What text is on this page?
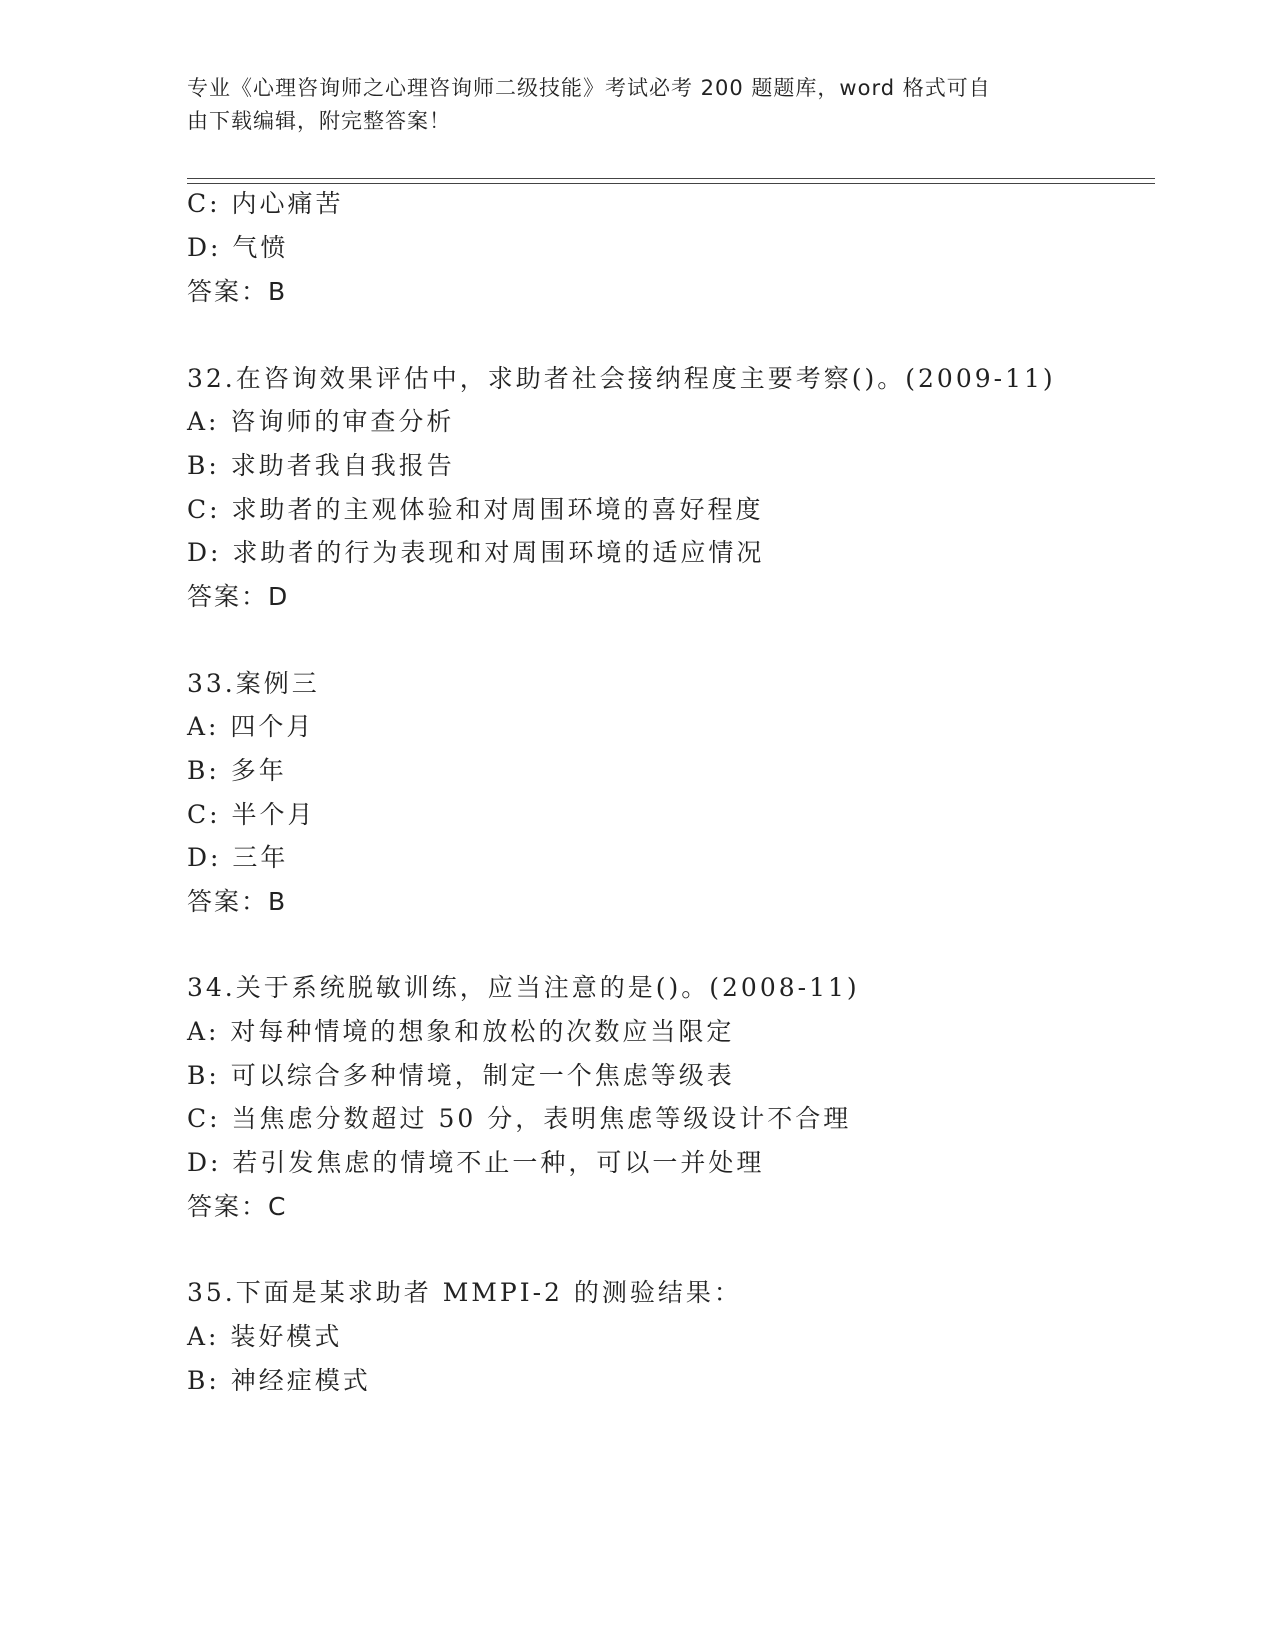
专业《心理咨询师之心理咨询师二级技能》考试必考 200 题题库，word 格式可自
由下载编辑，附完整答案！
C: 内心痛苦
D: 气愤
答案：B
32.在咨询效果评估中，求助者社会接纳程度主要考察()。(2009-11)
A: 咨询师的审查分析
B: 求助者我自我报告
C: 求助者的主观体验和对周围环境的喜好程度
D: 求助者的行为表现和对周围环境的适应情况
答案：D
33.案例三
A: 四个月
B: 多年
C: 半个月
D: 三年
答案：B
34.关于系统脱敏训练，应当注意的是()。(2008-11)
A: 对每种情境的想象和放松的次数应当限定
B: 可以综合多种情境，制定一个焦虑等级表
C: 当焦虑分数超过 50 分，表明焦虑等级设计不合理
D: 若引发焦虑的情境不止一种，可以一并处理
答案：C
35.下面是某求助者 MMPI-2 的测验结果：
A: 装好模式
B: 神经症模式
